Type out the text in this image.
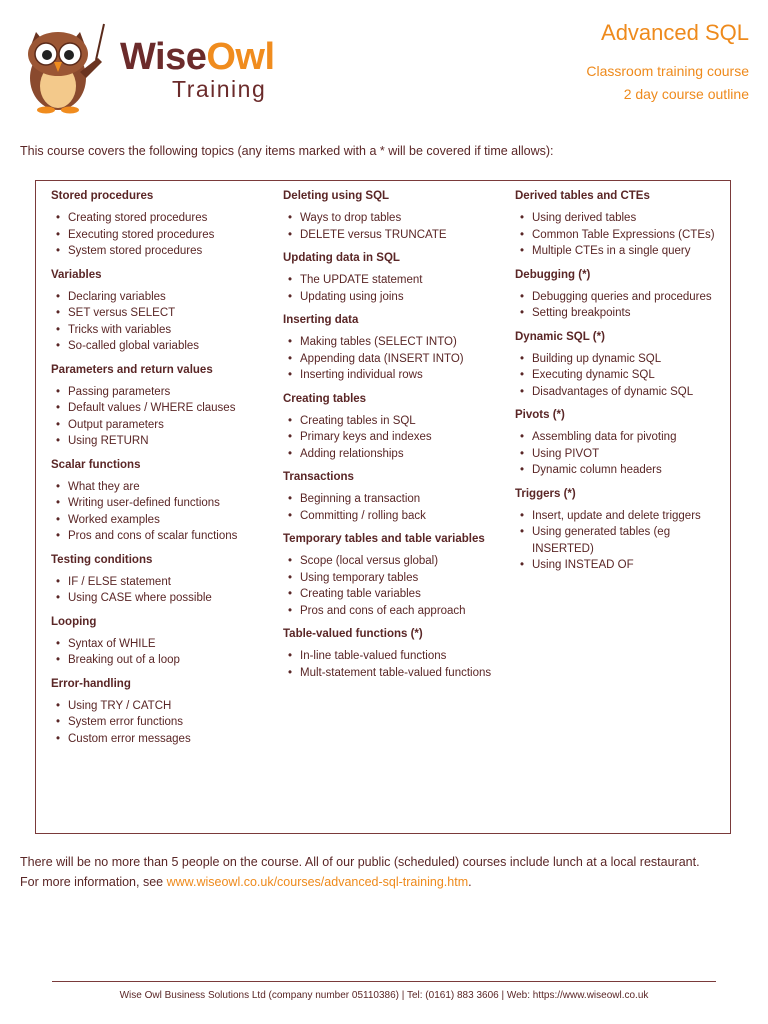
WiseOwl
Training
Advanced SQL
Classroom training course
2 day course outline
This course covers the following topics (any items marked with a * will be covered if time allows):
Stored procedures
• Creating stored procedures
• Executing stored procedures
• System stored procedures
Variables
• Declaring variables
• SET versus SELECT
• Tricks with variables
• So-called global variables
Parameters and return values
• Passing parameters
• Default values / WHERE clauses
• Output parameters
• Using RETURN
Scalar functions
• What they are
• Writing user-defined functions
• Worked examples
• Pros and cons of scalar functions
Testing conditions
• IF / ELSE statement
• Using CASE where possible
Looping
• Syntax of WHILE
• Breaking out of a loop
Error-handling
• Using TRY / CATCH
• System error functions
• Custom error messages
Deleting using SQL
• Ways to drop tables
• DELETE versus TRUNCATE
Updating data in SQL
• The UPDATE statement
• Updating using joins
Inserting data
• Making tables (SELECT INTO)
• Appending data (INSERT INTO)
• Inserting individual rows
Creating tables
• Creating tables in SQL
• Primary keys and indexes
• Adding relationships
Transactions
• Beginning a transaction
• Committing / rolling back
Temporary tables and table variables
• Scope (local versus global)
• Using temporary tables
• Creating table variables
• Pros and cons of each approach
Table-valued functions (*)
• In-line table-valued functions
• Mult-statement table-valued functions
Derived tables and CTEs
• Using derived tables
• Common Table Expressions (CTEs)
• Multiple CTEs in a single query
Debugging (*)
• Debugging queries and procedures
• Setting breakpoints
Dynamic SQL (*)
• Building up dynamic SQL
• Executing dynamic SQL
• Disadvantages of dynamic SQL
Pivots (*)
• Assembling data for pivoting
• Using PIVOT
• Dynamic column headers
Triggers (*)
• Insert, update and delete triggers
• Using generated tables (eg INSERTED)
• Using INSTEAD OF
There will be no more than 5 people on the course. All of our public (scheduled) courses include lunch at a local restaurant.
For more information, see www.wiseowl.co.uk/courses/advanced-sql-training.htm.
Wise Owl Business Solutions Ltd (company number 05110386) | Tel: (0161) 883 3606 | Web: https://www.wiseowl.co.uk
